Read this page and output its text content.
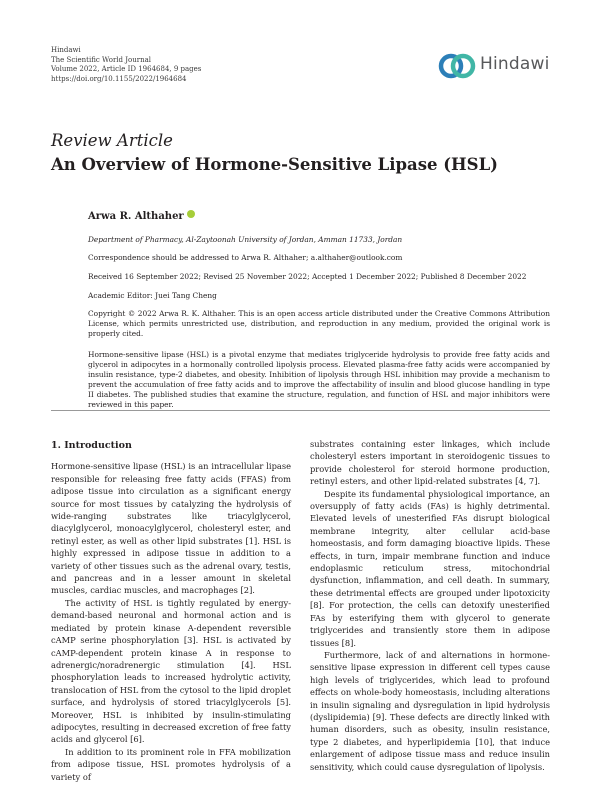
Hindawi
The Scientific World Journal
Volume 2022, Article ID 1964684, 9 pages
https://doi.org/10.1155/2022/1964684
Hindawi
Review Article
An Overview of Hormone-Sensitive Lipase (HSL)
Arwa R. Althaher
Department of Pharmacy, Al-Zaytoonah University of Jordan, Amman 11733, Jordan
Correspondence should be addressed to Arwa R. Althaher; a.althaher@outlook.com
Received 16 September 2022; Revised 25 November 2022; Accepted 1 December 2022; Published 8 December 2022
Academic Editor: Juei Tang Cheng
Copyright © 2022 Arwa R. K. Althaher. This is an open access article distributed under the Creative Commons Attribution License, which permits unrestricted use, distribution, and reproduction in any medium, provided the original work is properly cited.
Hormone-sensitive lipase (HSL) is a pivotal enzyme that mediates triglyceride hydrolysis to provide free fatty acids and glycerol in adipocytes in a hormonally controlled lipolysis process. Elevated plasma-free fatty acids were accompanied by insulin resistance, type-2 diabetes, and obesity. Inhibition of lipolysis through HSL inhibition may provide a mechanism to prevent the accumulation of free fatty acids and to improve the affectability of insulin and blood glucose handling in type II diabetes. The published studies that examine the structure, regulation, and function of HSL and major inhibitors were reviewed in this paper.
1. Introduction

Hormone-sensitive lipase (HSL) is an intracellular lipase responsible for releasing free fatty acids (FFAS) from adipose tissue into circulation as a significant energy source for most tissues by catalyzing the hydrolysis of wide-ranging substrates like triacylglycerol, diacylglycerol, monoacylglycerol, cholesteryl ester, and retinyl ester, as well as other lipid substrates [1]. HSL is highly expressed in adipose tissue in addition to a variety of other tissues such as the adrenal ovary, testis, and pancreas and in a lesser amount in skeletal muscles, cardiac muscles, and macrophages [2].

The activity of HSL is tightly regulated by energy-demand-based neuronal and hormonal action and is mediated by protein kinase A-dependent reversible cAMP serine phosphorylation [3]. HSL is activated by cAMP-dependent protein kinase A in response to adrenergic/noradrenergic stimulation [4]. HSL phosphorylation leads to increased hydrolytic activity, translocation of HSL from the cytosol to the lipid droplet surface, and hydrolysis of stored triacylglycerols [5]. Moreover, HSL is inhibited by insulin-stimulating adipocytes, resulting in decreased excretion of free fatty acids and glycerol [6].

In addition to its prominent role in FFA mobilization from adipose tissue, HSL promotes hydrolysis of a variety of

substrates containing ester linkages, which include cholesteryl esters important in steroidogenic tissues to provide cholesterol for steroid hormone production, retinyl esters, and other lipid-related substrates [4, 7].

Despite its fundamental physiological importance, an oversupply of fatty acids (FAs) is highly detrimental. Elevated levels of unesterified FAs disrupt biological membrane integrity, alter cellular acid-base homeostasis, and form damaging bioactive lipids. These effects, in turn, impair membrane function and induce endoplasmic reticulum stress, mitochondrial dysfunction, inflammation, and cell death. In summary, these detrimental effects are grouped under lipotoxicity [8]. For protection, the cells can detoxify unesterified FAs by esterifying them with glycerol to generate triglycerides and transiently store them in adipose tissues [8].

Furthermore, lack of and alternations in hormone-sensitive lipase expression in different cell types cause high levels of triglycerides, which lead to profound effects on whole-body homeostasis, including alterations in insulin signaling and dysregulation in lipid hydrolysis (dyslipidemia) [9]. These defects are directly linked with human disorders, such as obesity, insulin resistance, type 2 diabetes, and hyperlipidemia [10], that induce enlargement of adipose tissue mass and reduce insulin sensitivity, which could cause dysregulation of lipolysis.
